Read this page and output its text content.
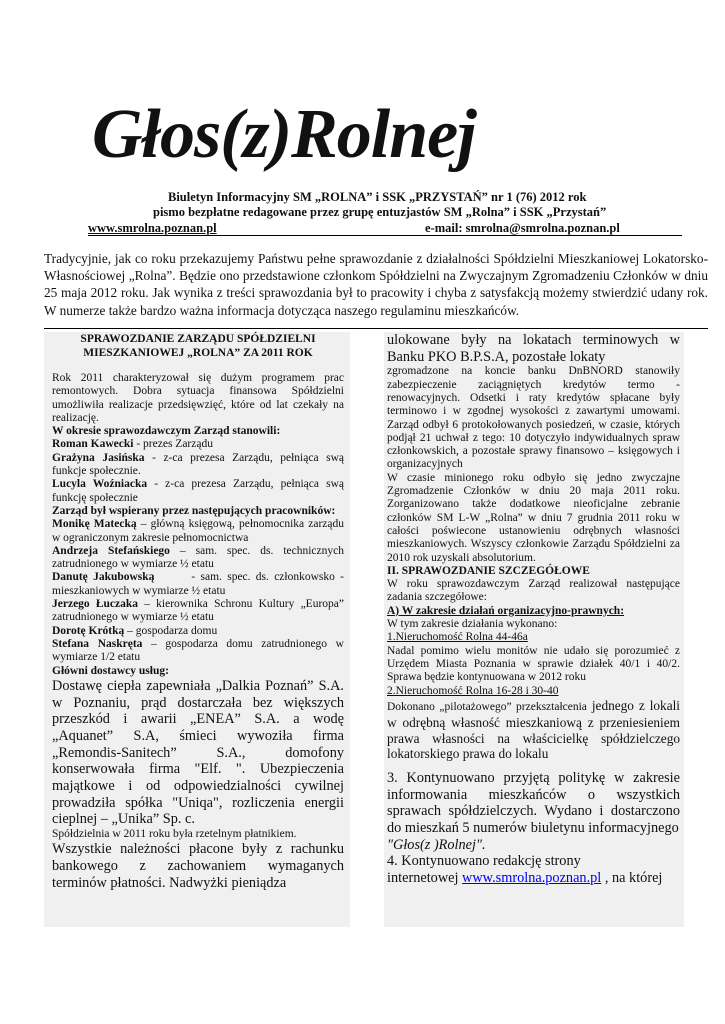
Głos(z)Rolnej
Biuletyn Informacyjny SM „ROLNA” i SSK „PRZYSTAŃ” nr 1 (76) 2012 rok
pismo bezpłatne redagowane przez grupę entuzjastów SM „Rolna” i SSK „Przystań”
www.smrolna.poznan.pl	e-mail: smrolna@smrolna.poznan.pl
Tradycyjnie, jak co roku przekazujemy Państwu pełne sprawozdanie z działalności Spółdzielni Mieszkaniowej Lokatorsko-Własnościowej „Rolna”. Będzie ono przedstawione członkom Spółdzielni na Zwyczajnym Zgromadzeniu Członków w dniu 25 maja 2012 roku. Jak wynika z treści sprawozdania był to pracowity i chyba z satysfakcją możemy stwierdzić udany rok. W numerze także bardzo ważna informacja dotycząca naszego regulaminu mieszkańców.

SPRAWOZDANIE ZARZĄDU SPÓŁDZIELNI MIESZKANIOWEJ „ROLNA” ZA 2011 ROK

Rok 2011 charakteryzował się dużym programem prac remontowych. Dobra sytuacja finansowa Spółdzielni umożliwiła realizacje przedsięwzięć, które od lat czekały na realizację.

W okresie sprawozdawczym Zarząd stanowili:

Roman Kawecki - prezes Zarządu

Grażyna Jasińska - z-ca prezesa Zarządu, pełniąca swą funkcje społecznie.

Lucyla Woźniacka - z-ca prezesa Zarządu, pełniąca swą funkcję społecznie

Zarząd był wspierany przez następujących pracowników:

Monikę Matecką – główną księgową, pełnomocnika zarządu w ograniczonym zakresie pełnomocnictwa

Andrzeja Stefańskiego – sam. spec. ds. technicznych zatrudnionego w wymiarze ½ etatu

Danutę Jakubowską       - sam. spec. ds. członkowsko - mieszkaniowych w wymiarze ½ etatu

Jerzego Łuczaka – kierownika Schronu Kultury „Europa” zatrudnionego w wymiarze ½ etatu

Dorotę Krótką – gospodarza domu

Stefana Naskręta – gospodarza domu zatrudnionego w wymiarze 1/2 etatu

Główni dostawcy usług:

Dostawę ciepła zapewniała „Dalkia Poznań” S.A. w Poznaniu, prąd dostarczała bez większych przeszkód i awarii „ENEA” S.A. a wodę „Aquanet” S.A, śmieci wywoziła firma „Remondis-Sanitech” S.A., domofony konserwowała firma "Elf. ". Ubezpieczenia majątkowe i od odpowiedzialności cywilnej prowadziła spółka "Uniqa", rozliczenia energii cieplnej – „Unika” Sp. c.

Spółdzielnia w 2011 roku była rzetelnym płatnikiem.

Wszystkie należności płacone były z rachunku bankowego z zachowaniem wymaganych terminów płatności. Nadwyżki pieniądza

ulokowane były na lokatach terminowych w Banku PKO B.P.S.A, pozostałe lokaty

zgromadzone na koncie banku DnBNORD stanowiły zabezpieczenie zaciągniętych kredytów termo - renowacyjnych. Odsetki i raty kredytów spłacane były terminowo i w zgodnej wysokości z zawartymi umowami. Zarząd odbył 6 protokołowanych posiedzeń, w czasie, których podjął 21 uchwał z tego: 10 dotyczyło indywidualnych spraw członkowskich, a pozostałe sprawy finansowo – księgowych i organizacyjnych

W czasie minionego roku odbyło się jedno zwyczajne Zgromadzenie Członków w dniu 20 maja 2011 roku. Zorganizowano także dodatkowe nieoficjalne zebranie członków SM L-W „Rolna” w dniu 7 grudnia 2011 roku w całości poświecone ustanowieniu odrębnych własności mieszkaniowych. Wszyscy członkowie Zarządu Spółdzielni za 2010 rok uzyskali absolutorium.

II. SPRAWOZDANIE SZCZEGÓŁOWE

W roku sprawozdawczym Zarząd realizował następujące zadania szczegółowe:

A) W zakresie działań organizacyjno-prawnych:

W tym zakresie działania wykonano:

1.Nieruchomość Rolna 44-46a

Nadal pomimo wielu monitów nie udało się porozumieć z Urzędem Miasta Poznania w sprawie działek 40/1 i 40/2. Sprawa będzie kontynuowana w 2012 roku

2.Nieruchomość Rolna 16-28 i 30-40

Dokonano „pilotażowego” przekształcenia jednego z lokali w odrębną własność mieszkaniową z przeniesieniem prawa własności na właścicielkę spółdzielczego lokatorskiego prawa do lokalu

3. Kontynuowano przyjętą politykę w zakresie informowania mieszkańców o wszystkich sprawach spółdzielczych. Wydano i dostarczono do mieszkań 5 numerów biuletynu informacyjnego

"Głos(z )Rolnej".

4. Kontynuowano redakcję strony

internetowej www.smrolna.poznan.pl , na której
